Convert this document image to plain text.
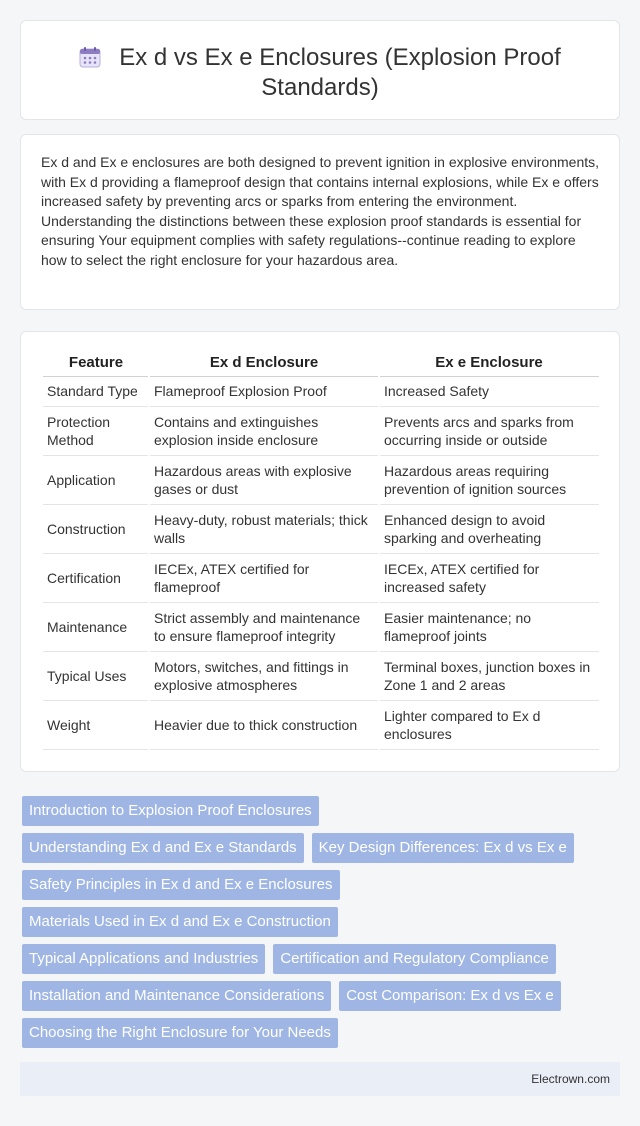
Ex d vs Ex e Enclosures (Explosion Proof Standards)

Ex d and Ex e enclosures are both designed to prevent ignition in explosive environments, with Ex d providing a flameproof design that contains internal explosions, while Ex e offers increased safety by preventing arcs or sparks from entering the environment. Understanding the distinctions between these explosion proof standards is essential for ensuring Your equipment complies with safety regulations--continue reading to explore how to select the right enclosure for your hazardous area.

Feature	Ex d Enclosure	Ex e Enclosure
Standard Type	Flameproof Explosion Proof	Increased Safety
Protection Method	Contains and extinguishes explosion inside enclosure	Prevents arcs and sparks from occurring inside or outside
Application	Hazardous areas with explosive gases or dust	Hazardous areas requiring prevention of ignition sources
Construction	Heavy-duty, robust materials; thick walls	Enhanced design to avoid sparking and overheating
Certification	IECEx, ATEX certified for flameproof	IECEx, ATEX certified for increased safety
Maintenance	Strict assembly and maintenance to ensure flameproof integrity	Easier maintenance; no flameproof joints
Typical Uses	Motors, switches, and fittings in explosive atmospheres	Terminal boxes, junction boxes in Zone 1 and 2 areas
Weight	Heavier due to thick construction	Lighter compared to Ex d enclosures
Introduction to Explosion Proof Enclosures
Understanding Ex d and Ex e Standards	Key Design Differences: Ex d vs Ex e
Safety Principles in Ex d and Ex e Enclosures
Materials Used in Ex d and Ex e Construction
Typical Applications and Industries	Certification and Regulatory Compliance
Installation and Maintenance Considerations	Cost Comparison: Ex d vs Ex e
Choosing the Right Enclosure for Your Needs
Electrown.com
